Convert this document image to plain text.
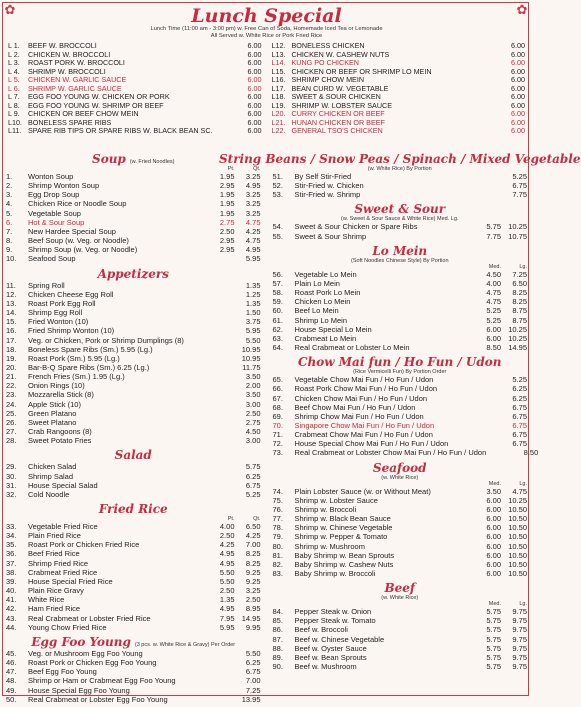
✿	✿
Lunch Special
Lunch Time (11:00 am - 3:00 pm) w. Free Can of Soda, Homemade Iced Tea or Lemonade
All Served w. White Rice or Pork Fried Rice
L 1.	BEEF W. BROCCOLI	6.00
L 2.	CHICKEN W. BROCCOLI	6.00
L 3.	ROAST PORK W. BROCCOLI	6.00
L 4.	SHRIMP W. BROCCOLI	6.00
L 5.	CHICKEN W. GARLIC SAUCE	6.00
L 6.	SHRIMP W. GARLIC SAUCE	6.00
L 7.	EGG FOO YOUNG W. CHICKEN OR PORK	6.00
L 8.	EGG FOO YOUNG W. SHRIMP OR BEEF	6.00
L 9.	CHICKEN OR BEEF CHOW MEIN	6.00
L10. BONELESS SPARE RIBS	6.00
L11. SPARE RIB TIPS OR SPARE RIBS W. BLACK BEAN SC.	6.00
L12. BONELESS CHICKEN	6.00
L13. CHICKEN W. CASHEW NUTS	6.00
L14. KUNG PO CHICKEN	6.00
L15. CHICKEN OR BEEF OR SHRIMP LO MEIN	6.00
L16. SHRIMP CHOW MEIN	6.00
L17. BEAN CURD W. VEGETABLE	6.00
L18. SWEET & SOUR CHICKEN	6.00
L19. SHRIMP W. LOBSTER SAUCE	6.00
L20. CURRY CHICKEN OR BEEF	6.00
L21. HUNAN CHICKEN OR BEEF	6.00
L22. GENERAL TSO'S CHICKEN	6.00
Soup (w. Fried Noodles)
Pt.	Qt.
1.	Wonton Soup	1.95	3.25
2.	Shrimp Wonton Soup	2.95	4.95
3.	Egg Drop Soup	1.95	3.25
4.	Chicken Rice or Noodle Soup	1.95	3.25
5.	Vegetable Soup	1.95	3.25
6.	Hot & Sour Soup	2.75	4.75
7.	New Hardee Special Soup	2.50	4.25
8.	Beef Soup (w. Veg. or Noodle)	2.95	4.75
9.	Shrimp Soup (w. Veg. or Noodle)	2.95	4.95
10.	Seafood Soup	5.95
Appetizers
11.	Spring Roll	1.35
12.	Chicken Cheese Egg Roll	1.25
13.	Roast Pork Egg Roll	1.35
14.	Shrimp Egg Roll	1.50
15.	Fried Wonton (10)	3.75
16.	Fried Shrimp Wonton (10)	5.95
17.	Veg. or Chicken, Pork or Shrimp Dumplings (8)	5.50
18.	Boneless Spare Ribs (Sm.) 5.95 (Lg.)	10.95
19.	Roast Pork (Sm.) 5.95 (Lg.)	10.95
20.	Bar-B-Q Spare Ribs (Sm.) 6.25 (Lg.)	11.75
21.	French Fries (Sm.) 1.95 (Lg.)	3.50
22.	Onion Rings (10)	2.00
23.	Mozzarella Stick (8)	3.50
24.	Apple Stick (10)	3.00
25.	Green Platano	2.50
26.	Sweet Platano	2.75
27.	Crab Rangoons (8)	4.50
28.	Sweet Potato Fries	3.00
Salad
29.	Chicken Salad	5.75
30.	Shrimp Salad	6.25
31.	House Special Salad	6.75
32.	Cold Noodle	5.25
Fried Rice
Pt.	Qt.
33.	Vegetable Fried Rice	4.00	6.50
34.	Plain Fried Rice	2.50	4.25
35.	Roast Pork or Chicken Fried Rice	4.25	7.00
36.	Beef Fried Rice	4.95	8.25
37.	Shrimp Fried Rice	4.95	8.25
38.	Crabmeat Fried Rice	5.50	9.25
39.	House Special Fried Rice	5.50	9.25
40.	Plain Rice Gravy	2.50	3.25
41.	White Rice	1.35	2.50
42.	Ham Fried Rice	4.95	8.95
43.	Real Crabmeat or Lobster Fried Rice	7.95 14.95
44.	Young Chow Fried Rice	5.95	9.95
Egg Foo Young (3 pcs. w. White Rice & Gravy) Per Order
45.	Veg. or Mushroom Egg Foo Young	5.50
46.	Roast Pork or Chicken Egg Foo Young	6.25
47.	Beef Egg Foo Young	6.75
48.	Shrimp or Ham or Crabmeat Egg Foo Young	7.00
49.	House Special Egg Foo Young	7.25
50.	Real Crabmeat or Lobster Egg Foo Young	13.95
String Beans / Snow Peas / Spinach / Mixed Vegetable
(w. White Rice) By Portion
51.	By Self Stir-Fried	5.25
52.	Stir-Fried w. Chicken	6.75
53.	Stir-Fried w. Shrimp	7.75
Sweet & Sour
(w. Sweet & Sour Sauce & White Rice) Med. Lg.
54.	Sweet & Sour Chicken or Spare Ribs	5.75 10.25
55.	Sweet & Sour Shrimp	7.75 10.75
Lo Mein
(Soft Noodles Chinese Style) By Portion
Med.	Lg.
56.	Vegetable Lo Mein	4.50	7.25
57.	Plain Lo Mein	4.00	6.50
58.	Roast Pork Lo Mein	4.75	8.25
59.	Chicken Lo Mein	4.75	8.25
60.	Beef Lo Mein	5.25	8.75
61.	Shrimp Lo Mein	5.25	8.75
62.	House Special Lo Mein	6.00 10.25
63.	Crabmeat Lo Mein	6.00 10.25
64.	Real Crabmeat or Lobster Lo Mein	8.50 14.95
Chow Mai fun / Ho Fun / Udon
(Rice Vermicelli Fun) By Portion Order
65.	Vegetable Chow Mai Fun / Ho Fun / Udon	5.25
66.	Roast Pork Chow Mai Fun / Ho Fun / Udon	6.25
67.	Chicken Chow Mai Fun / Ho Fun / Udon	6.25
68.	Beef Chow Mai Fun / Ho Fun / Udon	6.75
69.	Shrimp Chow Mai Fun / Ho Fun / Udon	6.75
70.	Singapore Chow Mai Fun / Ho Fun / Udon	6.75
71.	Crabmeat Chow Mai Fun / Ho Fun / Udon	6.75
72.	House Special Chow Mai Fun / Ho Fun / Udon	6.75
73.	Real Crabmeat or Lobster Chow Mai Fun / Ho Fun / Udon	8.50
Seafood
(w. White Rice)
Med.	Lg.
74.	Plain Lobster Sauce (w. or Without Meat)	3.50	4.75
75.	Shrimp w. Lobster Sauce	6.00 10.25
76.	Shrimp w. Broccoli	6.00 10.50
77.	Shrimp w. Black Bean Sauce	6.00 10.50
78.	Shrimp w. Chinese Vegetable	6.00 10.50
79.	Shrimp w. Pepper & Tomato	6.00 10.50
80.	Shrimp w. Mushroom	6.00 10.50
81.	Baby Shrimp w. Bean Sprouts	6.00 10.50
82.	Baby Shrimp w. Cashew Nuts	6.00 10.50
83.	Baby Shrimp w. Broccoli	6.00 10.50
Beef
(w. White Rice)
Med.	Lg.
84.	Pepper Steak w. Onion	5.75	9.75
85.	Pepper Steak w. Tomato	5.75	9.75
86.	Beef w. Broccoli	5.75	9.75
87.	Beef w. Chinese Vegetable	5.75	9.75
88.	Beef w. Oyster Sauce	5.75	9.75
89.	Beef w. Bean Sprouts	5.75	9.75
90.	Beef w. Mushroom	5.75	9.75
